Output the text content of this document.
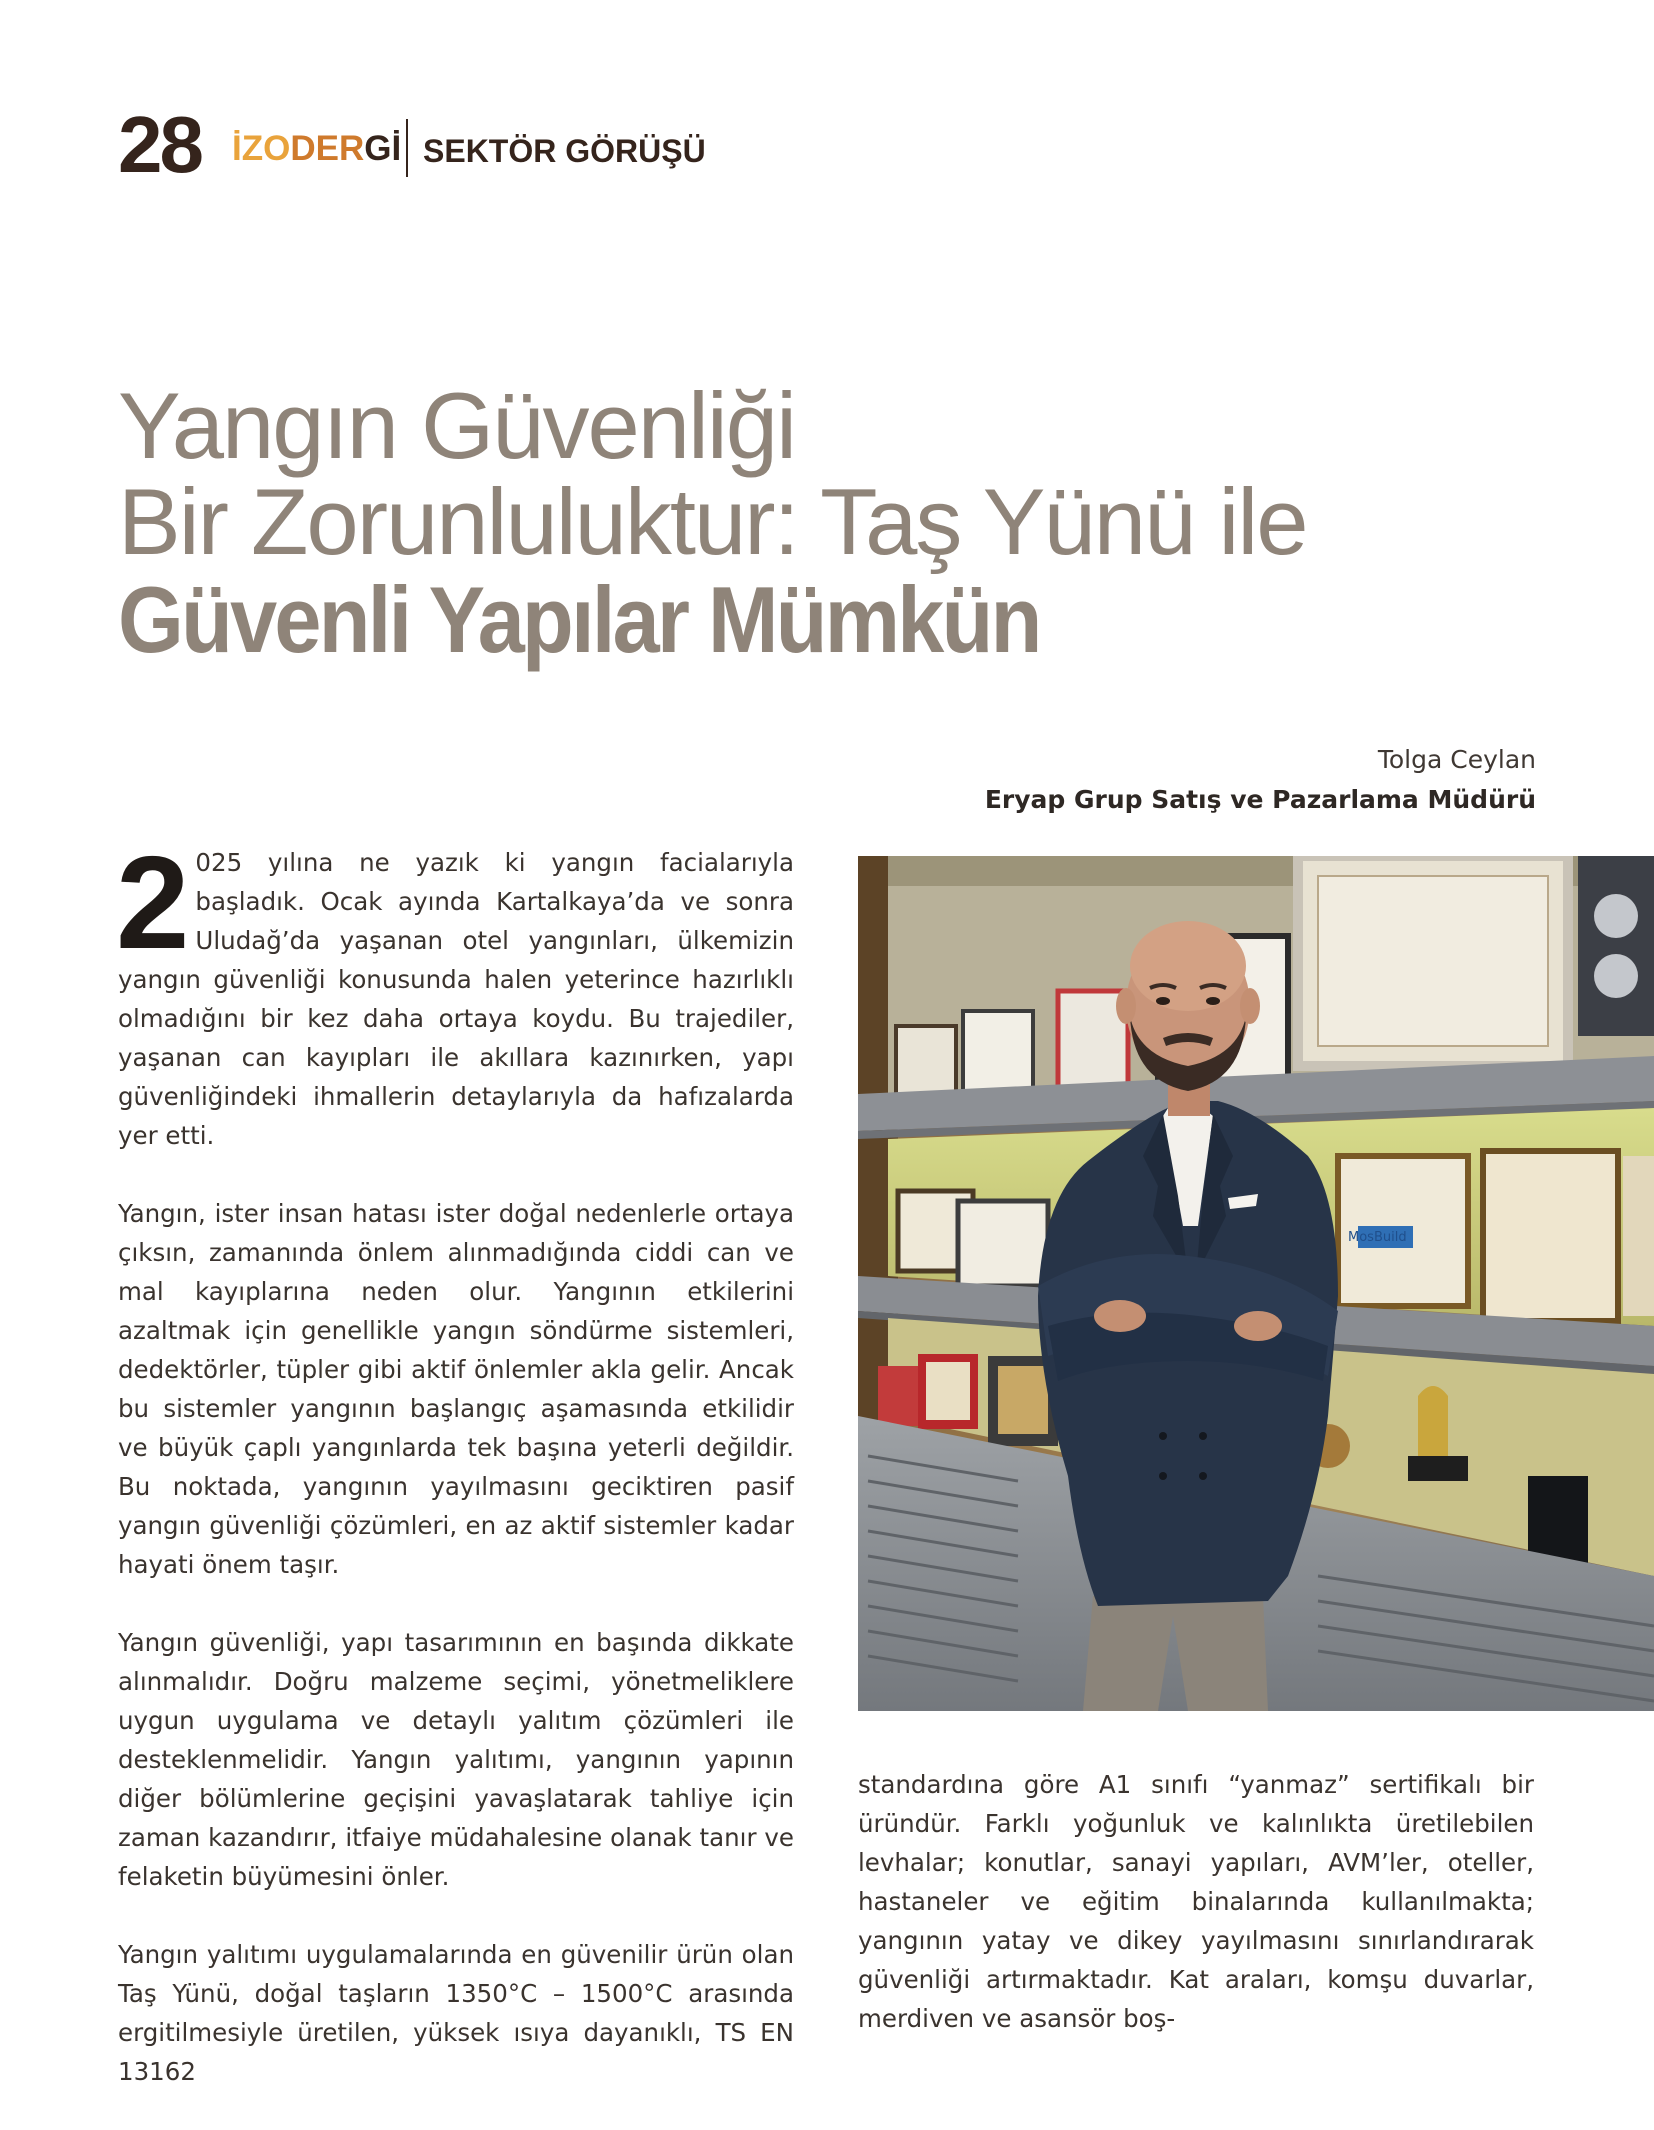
28 İZODERGİ SEKTÖR GÖRÜŞÜ
Yangın Güvenliği
Bir Zorunluluktur: Taş Yünü ile
Güvenli Yapılar Mümkün
Tolga Ceylan
Eryap Grup Satış ve Pazarlama Müdürü

2 025 yılına ne yazık ki yangın facialarıyla başladık. Ocak ayında Kartalkaya’da ve sonra Uludağ’da yaşanan otel yangınları, ülkemizin yangın güvenliği konusunda halen yeterince hazırlıklı olmadığını bir kez daha ortaya koydu. Bu trajediler, yaşanan can kayıpları ile akıllara kazınırken, yapı güvenliğindeki ihmallerin detaylarıyla da hafızalarda yer etti.

Yangın, ister insan hatası ister doğal nedenlerle ortaya çıksın, zamanında önlem alınmadığında ciddi can ve mal kayıplarına neden olur. Yangının etkilerini azaltmak için genellikle yangın söndürme sistemleri, dedektörler, tüpler gibi aktif önlemler akla gelir. Ancak bu sistemler yangının başlangıç aşamasında etkilidir ve büyük çaplı yangınlarda tek başına yeterli değildir. Bu noktada, yangının yayılmasını geciktiren pasif yangın güvenliği çözümleri, en az aktif sistemler kadar hayati önem taşır.

Yangın güvenliği, yapı tasarımının en başında dikkate alınmalıdır. Doğru malzeme seçimi, yönetmeliklere uygun uygulama ve detaylı yalıtım çözümleri ile desteklenmelidir. Yangın yalıtımı, yangının yapının diğer bölümlerine geçişini yavaşlatarak tahliye için zaman kazandırır, itfaiye müdahalesine olanak tanır ve felaketin büyümesini önler.

Yangın yalıtımı uygulamalarında en güvenilir ürün olan Taş Yünü, doğal taşların 1350°C – 1500°C arasında ergitilmesiyle üretilen, yüksek ısıya dayanıklı, TS EN 13162

MosBuild

standardına göre A1 sınıfı “yanmaz” sertifikalı bir üründür. Farklı yoğunluk ve kalınlıkta üretilebilen levhalar; konutlar, sanayi yapıları, AVM’ler, oteller, hastaneler ve eğitim binalarında kullanılmakta; yangının yatay ve dikey yayılmasını sınırlandırarak güvenliği artırmaktadır. Kat araları, komşu duvarlar, merdiven ve asansör boş-
